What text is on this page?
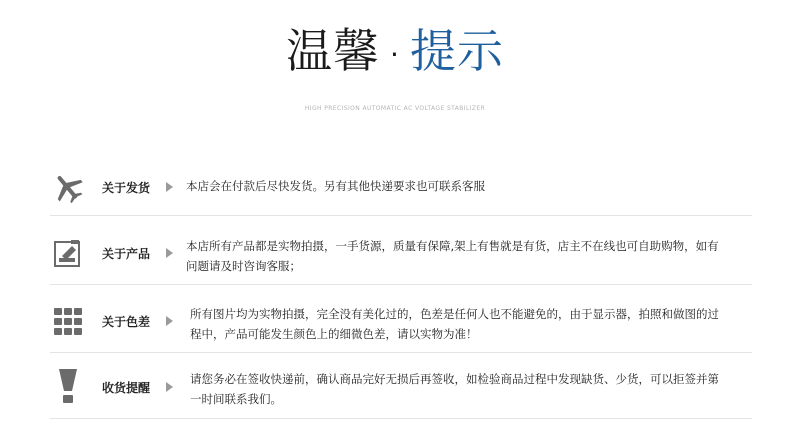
温馨 · 提示
HIGH PRECISION AUTOMATIC AC VOLTAGE STABILIZER
关于发货	本店会在付款后尽快发货。另有其他快递要求也可联系客服
关于产品
本店所有产品都是实物拍摄，一手货源，质量有保障,架上有售就是有货，店主不在线也可自助购物，如有问题请及时咨询客服；
关于色差
所有图片均为实物拍摄，完全没有美化过的，色差是任何人也不能避免的，由于显示器，拍照和做图的过程中，产品可能发生颜色上的细微色差，请以实物为准！
收货提醒
请您务必在签收快递前，确认商品完好无损后再签收，如检验商品过程中发现缺货、少货，可以拒签并第一时间联系我们。
